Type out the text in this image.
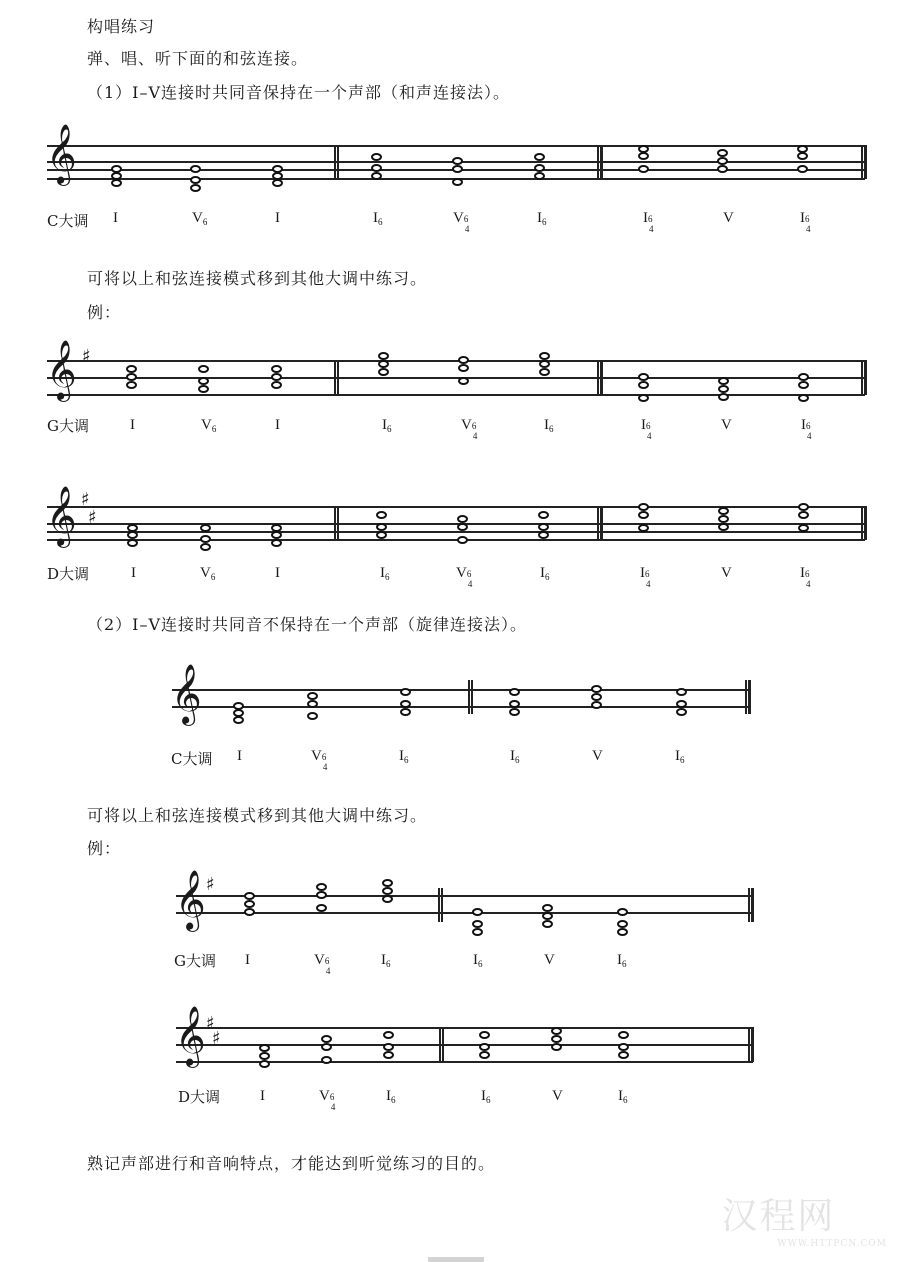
构唱练习
弹、唱、听下面的和弦连接。
（1）Ⅰ–Ⅴ连接时共同音保持在一个声部（和声连接法）。
𝄞
C大调 I	$V_6$	I	$I_6$	V 6
4
$I_6$	I 6
4
V	I 6
4
可将以上和弦连接模式移到其他大调中练习。
例：
𝄞 ♯
G大调	I	$V_6$	I	$I_6$	V 6
4
$I_6$	I 6
4
V	I 6
4
𝄞 ♯
♯
D大调	I	$V_6$	I	$I_6$	V 6
4
$I_6$	I 6
4
V	I 6
4
（2）Ⅰ–Ⅴ连接时共同音不保持在一个声部（旋律连接法）。
𝄞
C大调 I	V 6
4
$I_6$	$I_6$	V	$I_6$
可将以上和弦连接模式移到其他大调中练习。
例：
𝄞 ♯
G大调 I	V 6
4
$I_6$	$I_6$	V	$I_6$
𝄞 ♯
♯
D大调	I	V 6
4
$I_6$	$I_6$	V	$I_6$
熟记声部进行和音响特点，才能达到听觉练习的目的。
汉程网
WWW.HTTPCN.COM
